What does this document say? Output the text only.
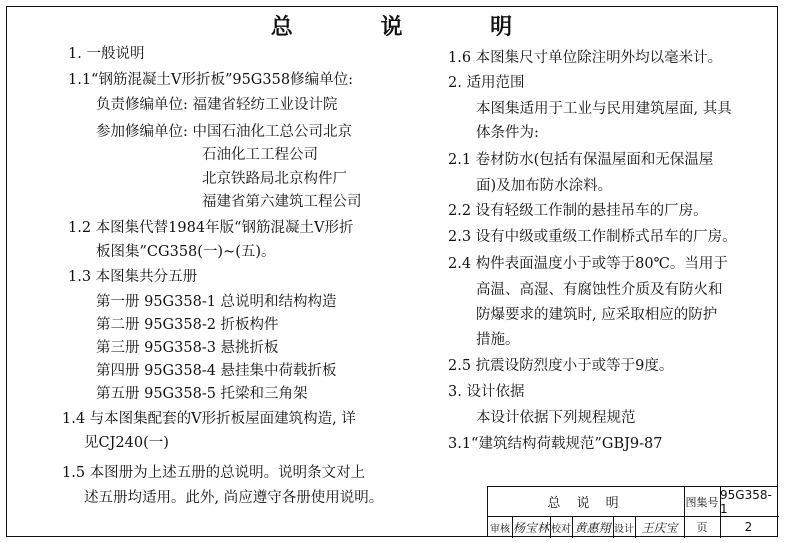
总	说	明
1. 一般说明
1.1“钢筋混凝土V形折板”95G358修编单位:
负责修编单位: 福建省轻纺工业设计院
参加修编单位: 中国石油化工总公司北京
石油化工工程公司
北京铁路局北京构件厂
福建省第六建筑工程公司
1.2 本图集代替1984年版“钢筋混凝土V形折
板图集”CG358(一)~(五)。
1.3 本图集共分五册
第一册 95G358-1 总说明和结构构造
第二册 95G358-2 折板构件
第三册 95G358-3 悬挑折板
第四册 95G358-4 悬挂集中荷载折板
第五册 95G358-5 托梁和三角架
1.4 与本图集配套的V形折板屋面建筑构造, 详
见CJ240(一)
1.5 本图册为上述五册的总说明。说明条文对上
述五册均适用。此外, 尚应遵守各册使用说明。
1.6 本图集尺寸单位除注明外均以毫米计。
2. 适用范围
本图集适用于工业与民用建筑屋面, 其具
体条件为:
2.1 卷材防水(包括有保温屋面和无保温屋
面)及加布防水涂料。
2.2 设有轻级工作制的悬挂吊车的厂房。
2.3 设有中级或重级工作制桥式吊车的厂房。
2.4 构件表面温度小于或等于80℃。当用于
高温、高湿、有腐蚀性介质及有防火和
防爆要求的建筑时, 应采取相应的防护
措施。
2.5 抗震设防烈度小于或等于9度。
3. 设计依据
本设计依据下列规程规范
3.1“建筑结构荷载规范”GBJ9-87
总 说 明	图集号
95G358-1
审核 杨宝林 校对 黄惠翔 设计 王庆宝	页	2
